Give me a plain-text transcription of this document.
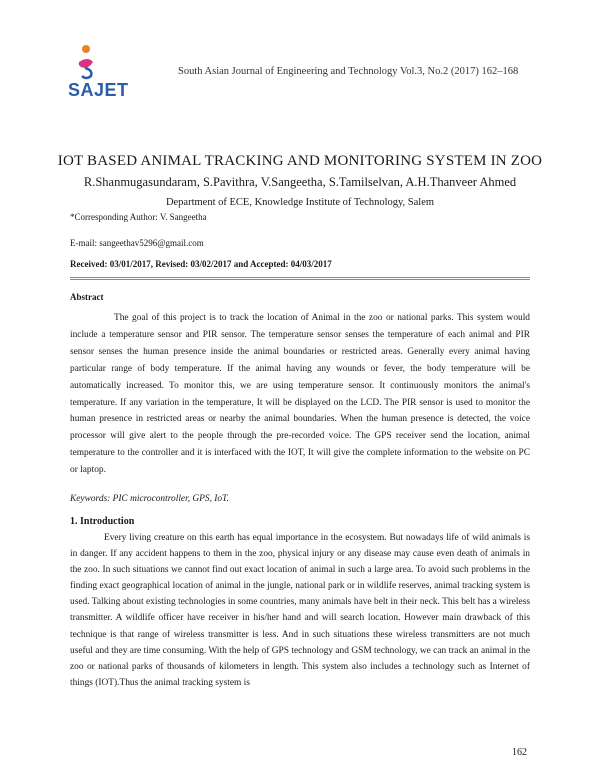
SAJET
South Asian Journal of Engineering and Technology Vol.3, No.2 (2017) 162–168
IOT BASED ANIMAL TRACKING AND MONITORING SYSTEM IN ZOO
R.Shanmugasundaram, S.Pavithra, V.Sangeetha, S.Tamilselvan, A.H.Thanveer Ahmed
Department of ECE, Knowledge Institute of Technology, Salem
*Corresponding Author: V. Sangeetha
E-mail: sangeethav5296@gmail.com
Received: 03/01/2017, Revised: 03/02/2017 and Accepted: 04/03/2017
Abstract

The goal of this project is to track the location of Animal in the zoo or national parks. This system would include a temperature sensor and PIR sensor. The temperature sensor senses the temperature of each animal and PIR sensor senses the human presence inside the animal boundaries or restricted areas. Generally every animal having particular range of body temperature. If the animal having any wounds or fever, the body temperature will be automatically increased. To monitor this, we are using temperature sensor. It continuously monitors the animal's temperature. If any variation in the temperature, It will be displayed on the LCD. The PIR sensor is used to monitor the human presence in restricted areas or nearby the animal boundaries. When the human presence is detected, the voice processor will give alert to the people through the pre-recorded voice. The GPS receiver send the location, animal temperature to the controller and it is interfaced with the IOT, It will give the complete information to the website on PC or laptop.

Keywords: PIC microcontroller, GPS, IoT.
1. Introduction

Every living creature on this earth has equal importance in the ecosystem. But nowadays life of wild animals is in danger. If any accident happens to them in the zoo, physical injury or any disease may cause even death of animals in the zoo. In such situations we cannot find out exact location of animal in such a large area. To avoid such problems in the finding exact geographical location of animal in the jungle, national park or in wildlife reserves, animal tracking system is used. Talking about existing technologies in some countries, many animals have belt in their neck. This belt has a wireless transmitter. A wildlife officer have receiver in his/her hand and will search location. However main drawback of this technique is that range of wireless transmitter is less. And in such situations these wireless transmitters are not much useful and they are time consuming. With the help of GPS technology and GSM technology, we can track an animal in the zoo or national parks of thousands of kilometers in length. This system also includes a technology such as Internet of things (IOT).Thus the animal tracking system is

162
